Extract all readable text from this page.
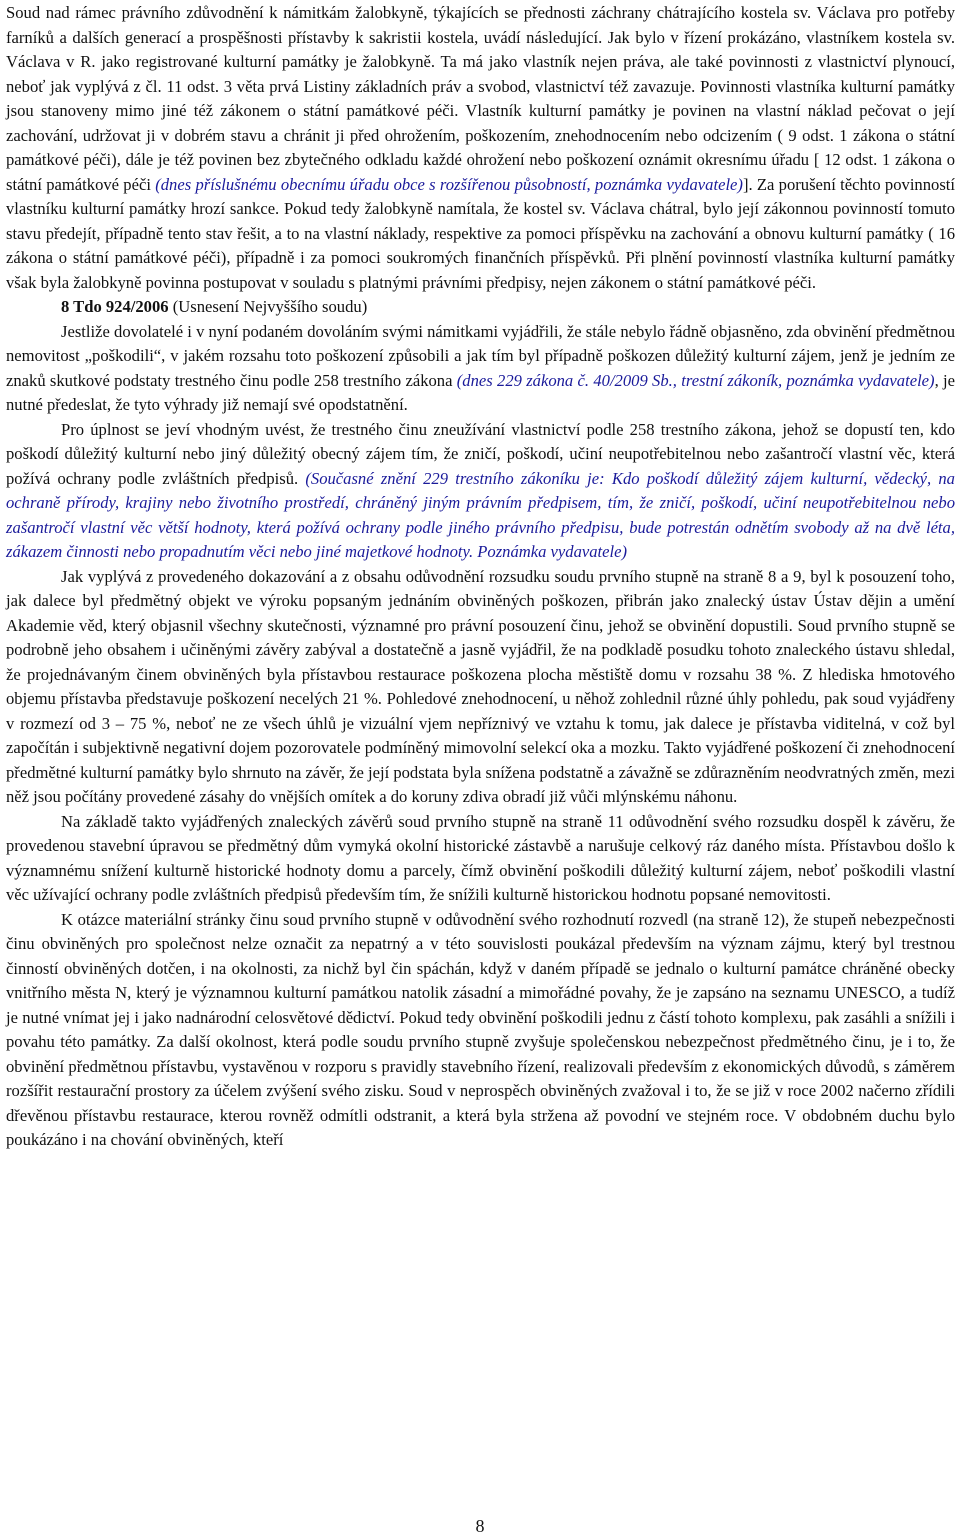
Soud nad rámec právního zdůvodnění k námitkám žalobkyně, týkajících se přednosti záchrany chátrajícího kostela sv. Václava pro potřeby farníků a dalších generací a prospěšnosti přístavby k sakristii kostela, uvádí následující. Jak bylo v řízení prokázáno, vlastníkem kostela sv. Václava v R. jako registrované kulturní památky je žalobkyně. Ta má jako vlastník nejen práva, ale také povinnosti z vlastnictví plynoucí, neboť jak vyplývá z čl. 11 odst. 3 věta prvá Listiny základních práv a svobod, vlastnictví též zavazuje. Povinnosti vlastníka kulturní památky jsou stanoveny mimo jiné též zákonem o státní památkové péči. Vlastník kulturní památky je povinen na vlastní náklad pečovat o její zachování, udržovat ji v dobrém stavu a chránit ji před ohrožením, poškozením, znehodnocením nebo odcizením ( 9 odst. 1 zákona o státní památkové péči), dále je též povinen bez zbytečného odkladu každé ohrožení nebo poškození oznámit okresnímu úřadu [ 12 odst. 1 zákona o státní památkové péči (dnes příslušnému obecnímu úřadu obce s rozšířenou působností, poznámka vydavatele)]. Za porušení těchto povinností vlastníku kulturní památky hrozí sankce. Pokud tedy žalobkyně namítala, že kostel sv. Václava chátral, bylo její zákonnou povinností tomuto stavu předejít, případně tento stav řešit, a to na vlastní náklady, respektive za pomoci příspěvku na zachování a obnovu kulturní památky ( 16 zákona o státní památkové péči), případně i za pomoci soukromých finančních příspěvků. Při plnění povinností vlastníka kulturní památky však byla žalobkyně povinna postupovat v souladu s platnými právními předpisy, nejen zákonem o státní památkové péči.

8 Tdo 924/2006 (Usnesení Nejvyššího soudu)

Jestliže dovolatelé i v nyní podaném dovoláním svými námitkami vyjádřili, že stále nebylo řádně objasněno, zda obvinění předmětnou nemovitost „poškodili“, v jakém rozsahu toto poškození způsobili a jak tím byl případně poškozen důležitý kulturní zájem, jenž je jedním ze znaků skutkové podstaty trestného činu podle 258 trestního zákona (dnes 229 zákona č. 40/2009 Sb., trestní zákoník, poznámka vydavatele), je nutné předeslat, že tyto výhrady již nemají své opodstatnění.

Pro úplnost se jeví vhodným uvést, že trestného činu zneužívání vlastnictví podle 258 trestního zákona, jehož se dopustí ten, kdo poškodí důležitý kulturní nebo jiný důležitý obecný zájem tím, že zničí, poškodí, učiní neupotřebitelnou nebo zašantročí vlastní věc, která požívá ochrany podle zvláštních předpisů. (Současné znění 229 trestního zákoníku je: Kdo poškodí důležitý zájem kulturní, vědecký, na ochraně přírody, krajiny nebo životního prostředí, chráněný jiným právním předpisem, tím, že zničí, poškodí, učiní neupotřebitelnou nebo zašantročí vlastní věc větší hodnoty, která požívá ochrany podle jiného právního předpisu, bude potrestán odnětím svobody až na dvě léta, zákazem činnosti nebo propadnutím věci nebo jiné majetkové hodnoty. Poznámka vydavatele)

Jak vyplývá z provedeného dokazování a z obsahu odůvodnění rozsudku soudu prvního stupně na straně 8 a 9, byl k posouzení toho, jak dalece byl předmětný objekt ve výroku popsaným jednáním obviněných poškozen, přibrán jako znalecký ústav Ústav dějin a umění Akademie věd, který objasnil všechny skutečnosti, významné pro právní posouzení činu, jehož se obvinění dopustili. Soud prvního stupně se podrobně jeho obsahem i učiněnými závěry zabýval a dostatečně a jasně vyjádřil, že na podkladě posudku tohoto znaleckého ústavu shledal, že projednávaným činem obviněných byla přístavbou restaurace poškozena plocha městiště domu v rozsahu 38 %. Z hlediska hmotového objemu přístavba představuje poškození necelých 21 %. Pohledové znehodnocení, u něhož zohlednil různé úhly pohledu, pak soud vyjádřeny v rozmezí od 3 – 75 %, neboť ne ze všech úhlů je vizuální vjem nepříznivý ve vztahu k tomu, jak dalece je přístavba viditelná, v což byl započítán i subjektivně negativní dojem pozorovatele podmíněný mimovolní selekcí oka a mozku. Takto vyjádřené poškození či znehodnocení předmětné kulturní památky bylo shrnuto na závěr, že její podstata byla snížena podstatně a závažně se zdůrazněním neodvratných změn, mezi něž jsou počítány provedené zásahy do vnějších omítek a do koruny zdiva obradí již vůči mlýnskému náhonu.

Na základě takto vyjádřených znaleckých závěrů soud prvního stupně na straně 11 odůvodnění svého rozsudku dospěl k závěru, že provedenou stavební úpravou se předmětný dům vymyká okolní historické zástavbě a narušuje celkový ráz daného místa. Přístavbou došlo k významnému snížení kulturně historické hodnoty domu a parcely, čímž obvinění poškodili důležitý kulturní zájem, neboť poškodili vlastní věc užívající ochrany podle zvláštních předpisů především tím, že snížili kulturně historickou hodnotu popsané nemovitosti.

K otázce materiální stránky činu soud prvního stupně v odůvodnění svého rozhodnutí rozvedl (na straně 12), že stupeň nebezpečnosti činu obviněných pro společnost nelze označit za nepatrný a v této souvislosti poukázal především na význam zájmu, který byl trestnou činností obviněných dotčen, i na okolnosti, za nichž byl čin spáchán, když v daném případě se jednalo o kulturní památce chráněné obecky vnitřního města N, který je významnou kulturní památkou natolik zásadní a mimořádné povahy, že je zapsáno na seznamu UNESCO, a tudíž je nutné vnímat jej i jako nadnárodní celosvětové dědictví. Pokud tedy obvinění poškodili jednu z částí tohoto komplexu, pak zasáhli a snížili i povahu této památky. Za další okolnost, která podle soudu prvního stupně zvyšuje společenskou nebezpečnost předmětného činu, je i to, že obvinění předmětnou přístavbu, vystavěnou v rozporu s pravidly stavebního řízení, realizovali především z ekonomických důvodů, s záměrem rozšířit restaurační prostory za účelem zvýšení svého zisku. Soud v neprospěch obviněných zvažoval i to, že se již v roce 2002 načerno zřídili dřevěnou přístavbu restaurace, kterou rovněž odmítli odstranit, a která byla stržena až povodní ve stejném roce. V obdobném duchu bylo poukázáno i na chování obviněných, kteří

8
